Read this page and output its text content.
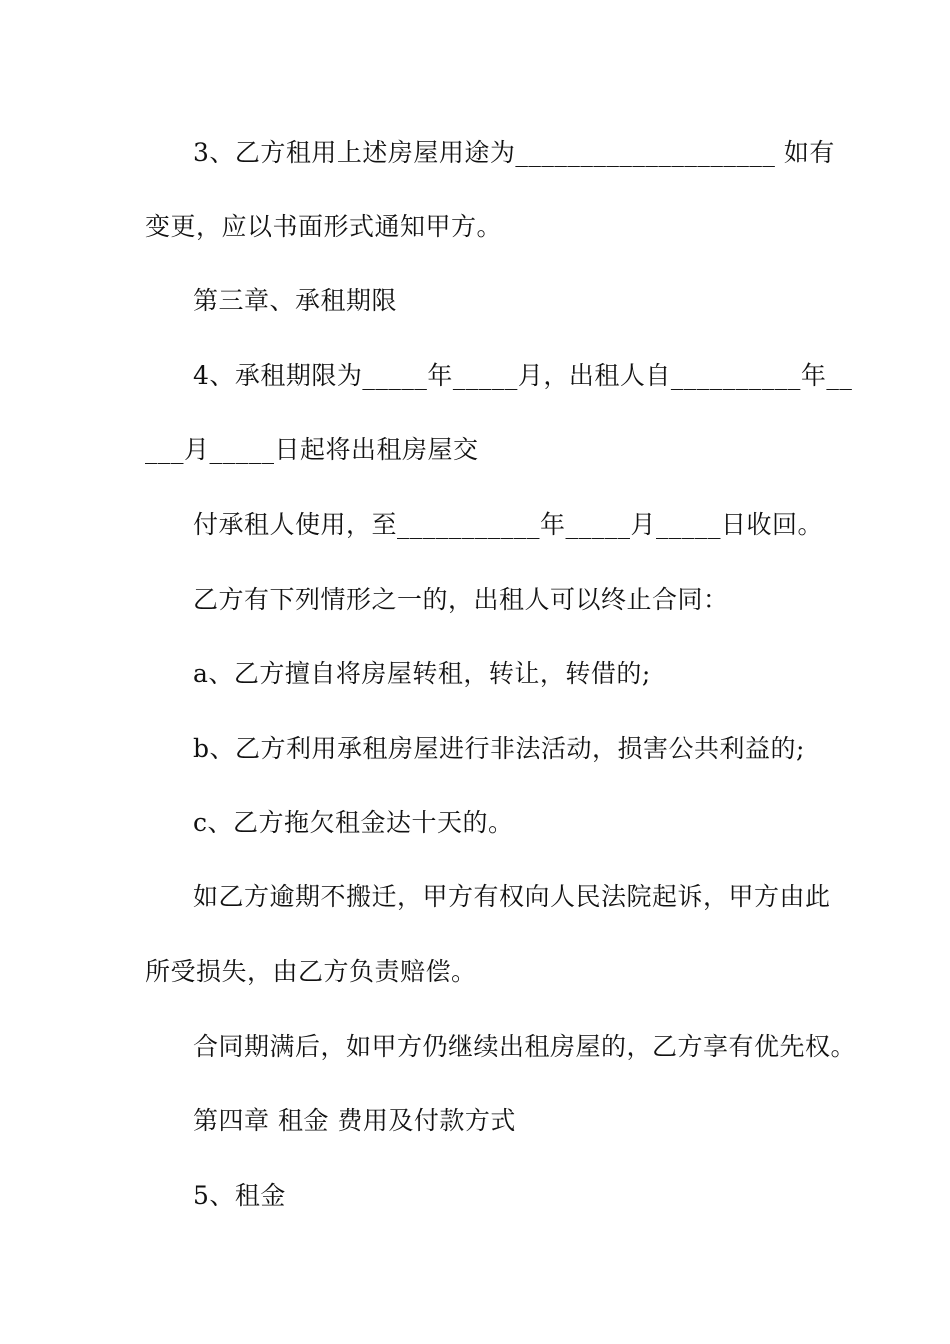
3、乙方租用上述房屋用途为____________________ 如有
变更，应以书面形式通知甲方。
第三章、承租期限
4、承租期限为_____年_____月，出租人自__________年__
___月_____日起将出租房屋交
付承租人使用，至___________年_____月_____日收回。
乙方有下列情形之一的，出租人可以终止合同：
a、乙方擅自将房屋转租，转让，转借的;
b、乙方利用承租房屋进行非法活动，损害公共利益的;
c、乙方拖欠租金达十天的。
如乙方逾期不搬迁，甲方有权向人民法院起诉，甲方由此
所受损失，由乙方负责赔偿。
合同期满后，如甲方仍继续出租房屋的，乙方享有优先权。
第四章 租金 费用及付款方式
5、租金
